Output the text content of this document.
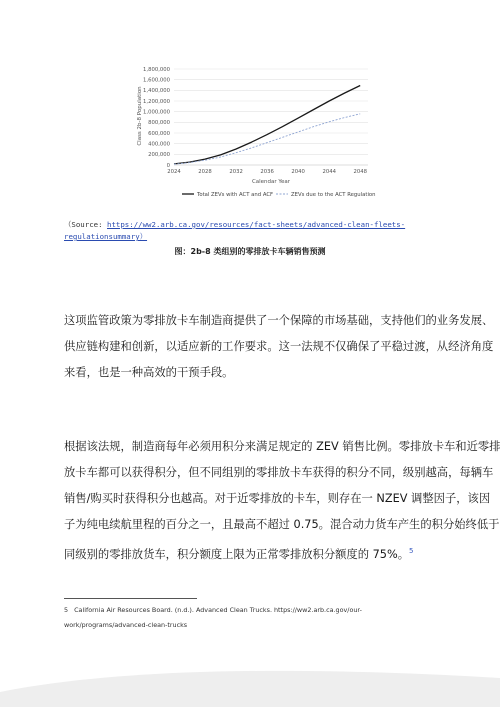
0
200,000
400,000
600,000
800,000
1,000,000
1,200,000
1,400,000
1,600,000
1,800,000
2024	2028	2032	2036	2040	2044	2048
Class 2b-8 Population
Calendar Year
Total ZEVs with ACT and ACF	ZEVs due to the ACT Regulation
（Source: https://ww2.arb.ca.gov/resources/fact-sheets/advanced-clean-fleets-
regulationsummary）
图：2b-8 类组别的零排放卡车辆销售预测
这项监管政策为零排放卡车制造商提供了一个保障的市场基础，支持他们的业务发展、
供应链构建和创新，以适应新的工作要求。这一法规不仅确保了平稳过渡，从经济角度
来看，也是一种高效的干预手段。
根据该法规，制造商每年必须用积分来满足规定的 ZEV 销售比例。零排放卡车和近零排
放卡车都可以获得积分，但不同组别的零排放卡车获得的积分不同，级别越高，每辆车
销售/购买时获得积分也越高。对于近零排放的卡车，则存在一 NZEV 调整因子，该因
子为纯电续航里程的百分之一，且最高不超过 0.75。混合动力货车产生的积分始终低于
同级别的零排放货车，积分额度上限为正常零排放积分额度的 75%。$^5$
5 California Air Resources Board. (n.d.). Advanced Clean Trucks. https://ww2.arb.ca.gov/our-
work/programs/advanced-clean-trucks
